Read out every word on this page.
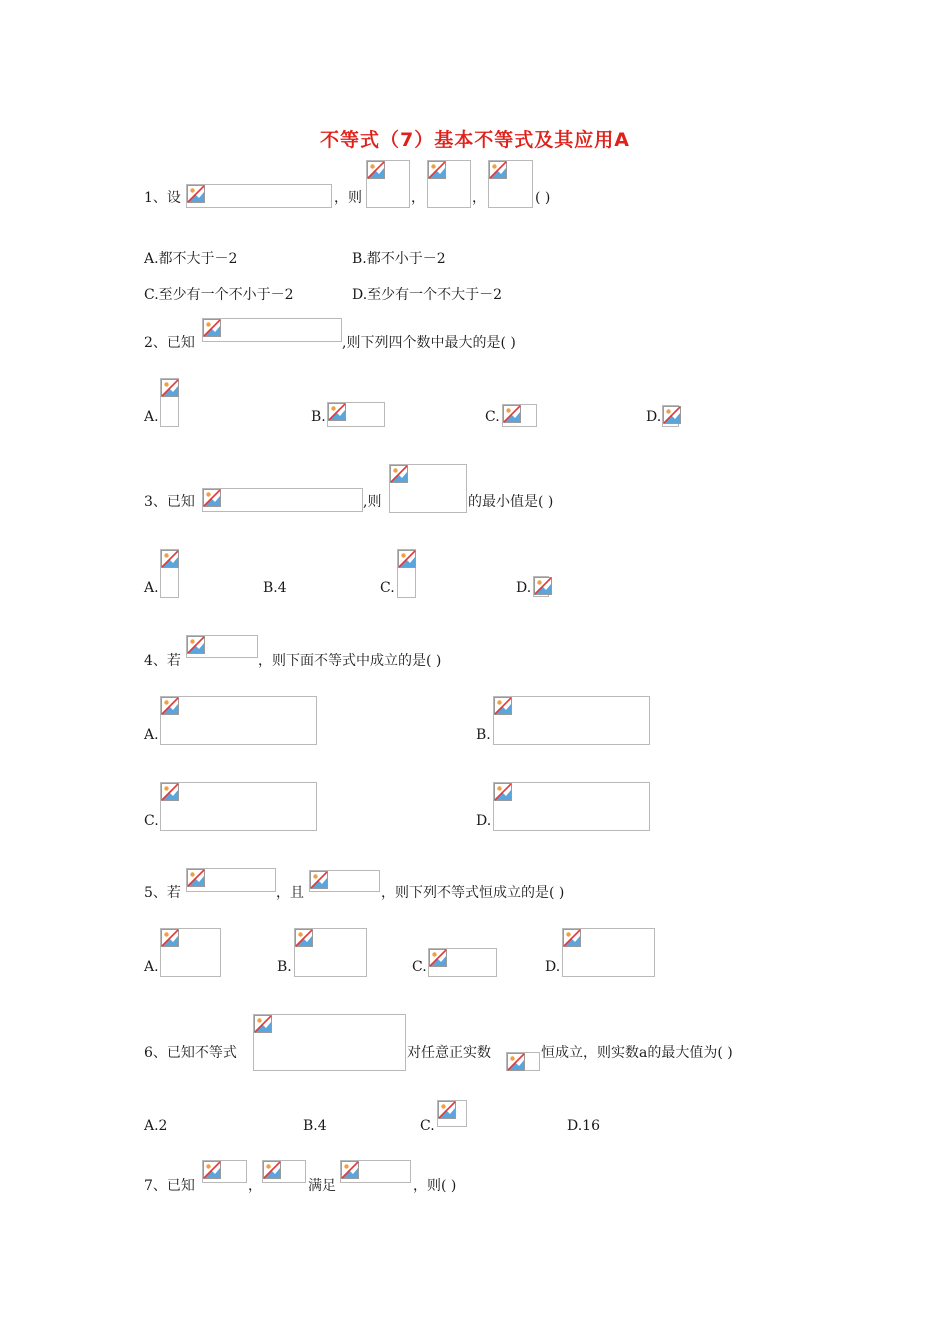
不等式（7）基本不等式及其应用A
1、设	，则	，	，	( )
A.都不大于－2	B.都不小于－2
C.至少有一个不小于－2	D.至少有一个不大于－2
2、已知	,则下列四个数中最大的是( )
A.	B.	C.	D.
3、已知	,则	的最小值是( )
A.	B.4	C.	D.
4、若	，则下面不等式中成立的是( )
A.	B.
C.	D.
5、若	，且	，则下列不等式恒成立的是( )
A.	B.	C.	D.
6、已知不等式	对任意正实数	恒成立，则实数a的最大值为( )
A.2	B.4	C.	D.16
7、已知	，	满足	，则( )
